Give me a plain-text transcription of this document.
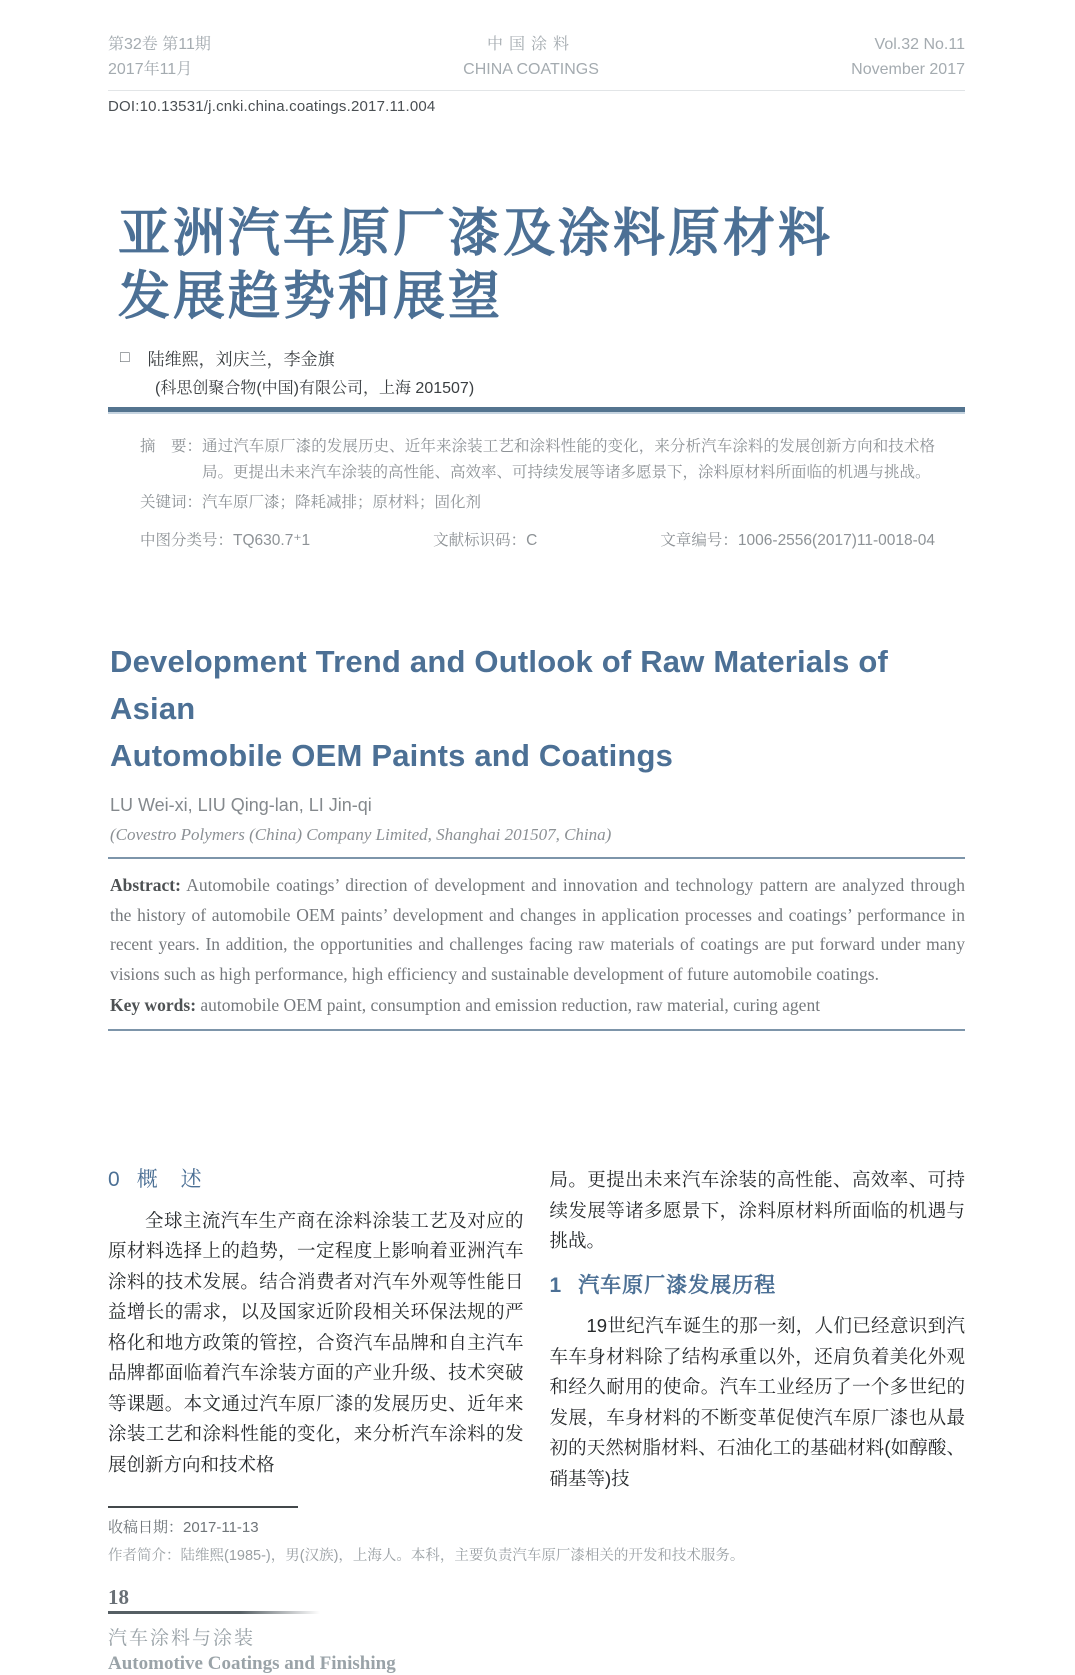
第32卷 第11期
2017年11月
中国涂料
CHINA COATINGS
Vol.32 No.11
November 2017
DOI:10.13531/j.cnki.china.coatings.2017.11.004
亚洲汽车原厂漆及涂料原材料
发展趋势和展望
□ 陆维熙，刘庆兰，李金旗
(科思创聚合物(中国)有限公司，上海 201507)
摘　要： 通过汽车原厂漆的发展历史、近年来涂装工艺和涂料性能的变化，来分析汽车涂料的发展创新方向和技术格局。更提出未来汽车涂装的高性能、高效率、可持续发展等诸多愿景下，涂料原材料所面临的机遇与挑战。
关键词： 汽车原厂漆；降耗减排；原材料；固化剂
中图分类号：TQ630.7⁺1	文献标识码：C	文章编号：1006-2556(2017)11-0018-04
Development Trend and Outlook of Raw Materials of Asian
Automobile OEM Paints and Coatings
LU Wei-xi, LIU Qing-lan, LI Jin-qi
(Covestro Polymers (China) Company Limited, Shanghai 201507, China)
Abstract: Automobile coatings’ direction of development and innovation and technology pattern are analyzed through the history of automobile OEM paints’ development and changes in application processes and coatings’ performance in recent years. In addition, the opportunities and challenges facing raw materials of coatings are put forward under many visions such as high performance, high efficiency and sustainable development of future automobile coatings.
Key words: automobile OEM paint, consumption and emission reduction, raw material, curing agent
0 概　述

全球主流汽车生产商在涂料涂装工艺及对应的原材料选择上的趋势，一定程度上影响着亚洲汽车涂料的技术发展。结合消费者对汽车外观等性能日益增长的需求，以及国家近阶段相关环保法规的严格化和地方政策的管控，合资汽车品牌和自主汽车品牌都面临着汽车涂装方面的产业升级、技术突破等课题。本文通过汽车原厂漆的发展历史、近年来涂装工艺和涂料性能的变化，来分析汽车涂料的发展创新方向和技术格

局。更提出未来汽车涂装的高性能、高效率、可持续发展等诸多愿景下，涂料原材料所面临的机遇与挑战。

1 汽车原厂漆发展历程

19世纪汽车诞生的那一刻，人们已经意识到汽车车身材料除了结构承重以外，还肩负着美化外观和经久耐用的使命。汽车工业经历了一个多世纪的发展，车身材料的不断变革促使汽车原厂漆也从最初的天然树脂材料、石油化工的基础材料(如醇酸、硝基等)技

收稿日期：2017-11-13
作者简介：陆维熙(1985-)，男(汉族)，上海人。本科，主要负责汽车原厂漆相关的开发和技术服务。
18
汽车涂料与涂装
Automotive Coatings and Finishing
